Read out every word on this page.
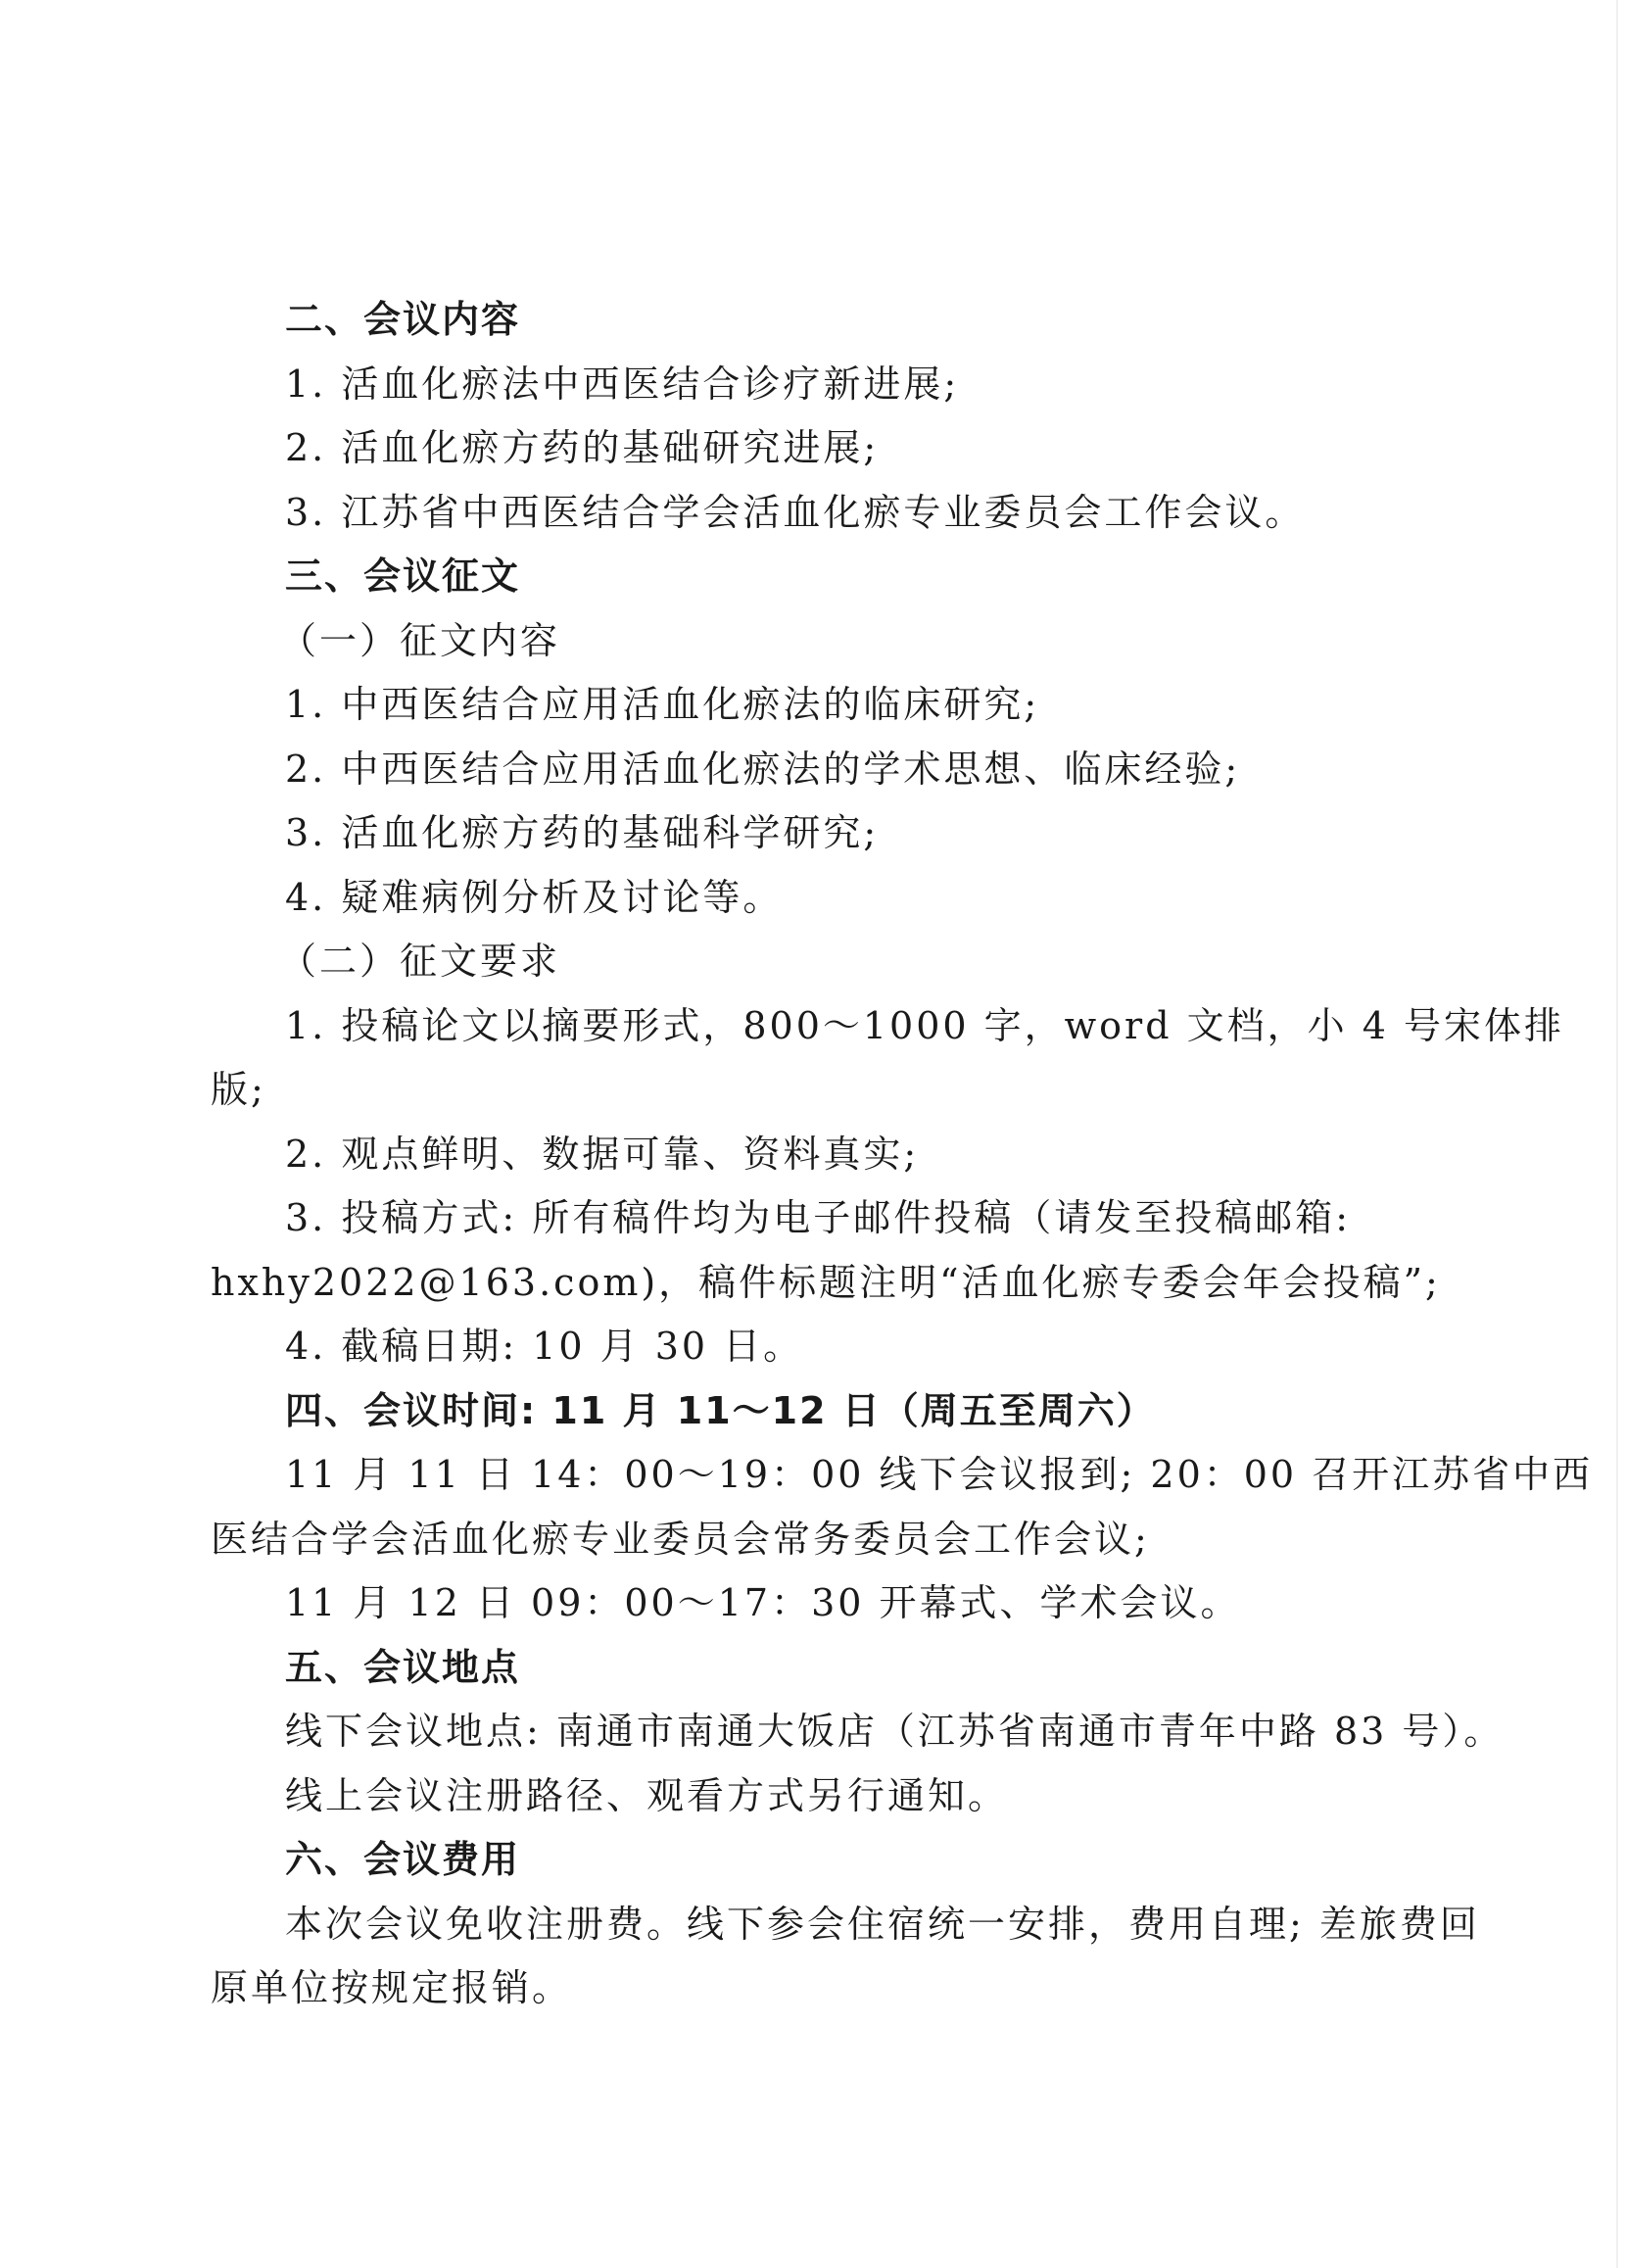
二、会议内容
1. 活血化瘀法中西医结合诊疗新进展;
2. 活血化瘀方药的基础研究进展;
3. 江苏省中西医结合学会活血化瘀专业委员会工作会议。
三、会议征文
（一）征文内容
1. 中西医结合应用活血化瘀法的临床研究;
2. 中西医结合应用活血化瘀法的学术思想、临床经验;
3. 活血化瘀方药的基础科学研究;
4. 疑难病例分析及讨论等。
（二）征文要求
1. 投稿论文以摘要形式，800～1000 字，word 文档，小 4 号宋体排
版;
2. 观点鲜明、数据可靠、资料真实;
3. 投稿方式: 所有稿件均为电子邮件投稿（请发至投稿邮箱:
hxhy2022@163.com)，稿件标题注明“活血化瘀专委会年会投稿”;
4. 截稿日期: 10 月 30 日。
四、会议时间: 11 月 11～12 日（周五至周六）
11 月 11 日 14：00～19：00 线下会议报到; 20：00 召开江苏省中西
医结合学会活血化瘀专业委员会常务委员会工作会议;
11 月 12 日 09：00～17：30 开幕式、学术会议。
五、会议地点
线下会议地点: 南通市南通大饭店（江苏省南通市青年中路 83 号）。
线上会议注册路径、观看方式另行通知。
六、会议费用
本次会议免收注册费。线下参会住宿统一安排，费用自理; 差旅费回
原单位按规定报销。
